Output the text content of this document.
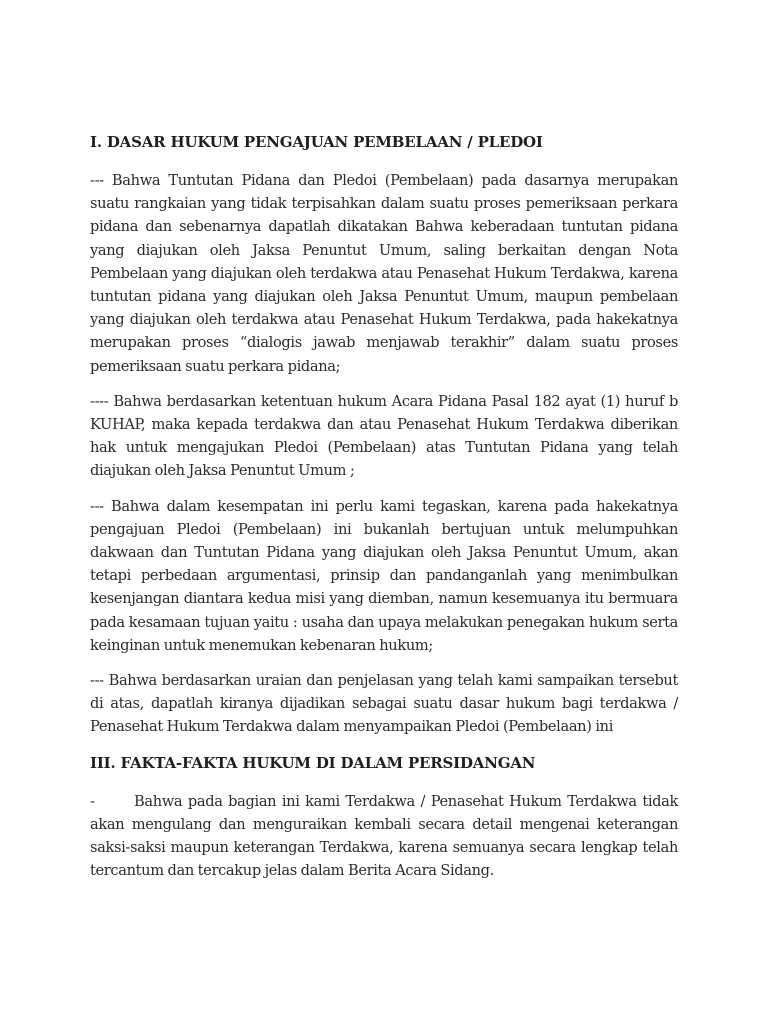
I. DASAR HUKUM PENGAJUAN PEMBELAAN / PLEDOI

--- Bahwa Tuntutan Pidana dan Pledoi (Pembelaan) pada dasarnya merupakan suatu rangkaian yang tidak terpisahkan dalam suatu proses pemeriksaan perkara pidana dan sebenarnya dapatlah dikatakan Bahwa keberadaan tuntutan pidana yang diajukan oleh Jaksa Penuntut Umum, saling berkaitan dengan Nota Pembelaan yang diajukan oleh terdakwa atau Penasehat Hukum Terdakwa, karena tuntutan pidana yang diajukan oleh Jaksa Penuntut Umum, maupun pembelaan yang diajukan oleh terdakwa atau Penasehat Hukum Terdakwa, pada hakekatnya merupakan proses “dialogis jawab menjawab terakhir” dalam suatu proses pemeriksaan suatu perkara pidana;

---- Bahwa berdasarkan ketentuan hukum Acara Pidana Pasal 182 ayat (1) huruf b KUHAP, maka kepada terdakwa dan atau Penasehat Hukum Terdakwa diberikan hak untuk mengajukan Pledoi (Pembelaan) atas Tuntutan Pidana yang telah diajukan oleh Jaksa Penuntut Umum ;

--- Bahwa dalam kesempatan ini perlu kami tegaskan, karena pada hakekatnya pengajuan Pledoi (Pembelaan) ini bukanlah bertujuan untuk melumpuhkan dakwaan dan Tuntutan Pidana yang diajukan oleh Jaksa Penuntut Umum, akan tetapi perbedaan argumentasi, prinsip dan pandanganlah yang menimbulkan kesenjangan diantara kedua misi yang diemban, namun kesemuanya itu bermuara pada kesamaan tujuan yaitu : usaha dan upaya melakukan penegakan hukum serta keinginan untuk menemukan kebenaran hukum;

--- Bahwa berdasarkan uraian dan penjelasan yang telah kami sampaikan tersebut di atas, dapatlah kiranya dijadikan sebagai suatu dasar hukum bagi terdakwa / Penasehat Hukum Terdakwa dalam menyampaikan Pledoi (Pembelaan) ini

III. FAKTA-FAKTA HUKUM DI DALAM PERSIDANGAN

-	Bahwa pada bagian ini kami Terdakwa / Penasehat Hukum Terdakwa tidak akan mengulang dan menguraikan kembali secara detail mengenai keterangan saksi-saksi maupun keterangan Terdakwa, karena semuanya secara lengkap telah tercantum dan tercakup jelas dalam Berita Acara Sidang.
